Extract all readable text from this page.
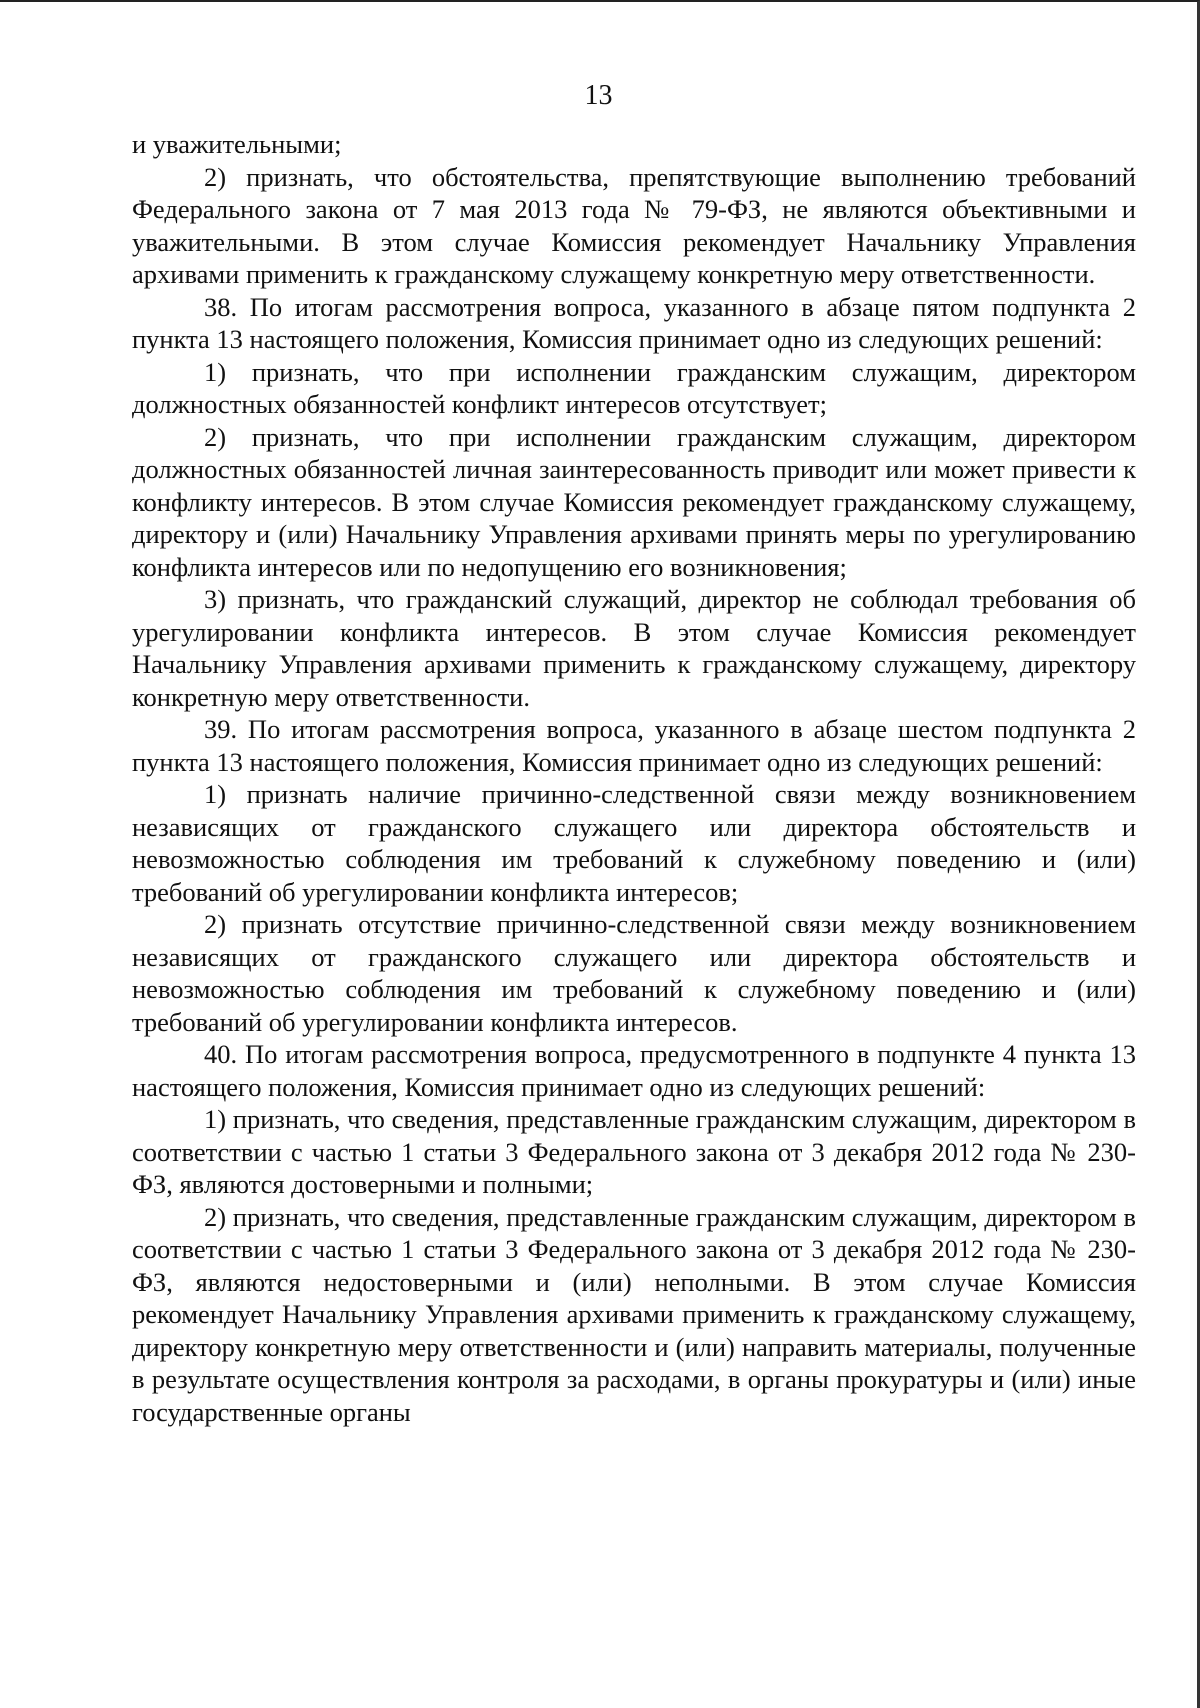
13

и уважительными;

2) признать, что обстоятельства, препятствующие выполнению требований Федерального закона от 7 мая 2013 года № 79-ФЗ, не являются объективными и уважительными. В этом случае Комиссия рекомендует Начальнику Управления архивами применить к гражданскому служащему конкретную меру ответственности.

38. По итогам рассмотрения вопроса, указанного в абзаце пятом подпункта 2 пункта 13 настоящего положения, Комиссия принимает одно из следующих решений:

1) признать, что при исполнении гражданским служащим, директором должностных обязанностей конфликт интересов отсутствует;

2) признать, что при исполнении гражданским служащим, директором должностных обязанностей личная заинтересованность приводит или может привести к конфликту интересов. В этом случае Комиссия рекомендует гражданскому служащему, директору и (или) Начальнику Управления архивами принять меры по урегулированию конфликта интересов или по недопущению его возникновения;

3) признать, что гражданский служащий, директор не соблюдал требования об урегулировании конфликта интересов. В этом случае Комиссия рекомендует Начальнику Управления архивами применить к гражданскому служащему, директору конкретную меру ответственности.

39. По итогам рассмотрения вопроса, указанного в абзаце шестом подпункта 2 пункта 13 настоящего положения, Комиссия принимает одно из следующих решений:

1) признать наличие причинно-следственной связи между возникновением независящих от гражданского служащего или директора обстоятельств и невозможностью соблюдения им требований к служебному поведению и (или) требований об урегулировании конфликта интересов;

2) признать отсутствие причинно-следственной связи между возникновением независящих от гражданского служащего или директора обстоятельств и невозможностью соблюдения им требований к служебному поведению и (или) требований об урегулировании конфликта интересов.

40. По итогам рассмотрения вопроса, предусмотренного в подпункте 4 пункта 13 настоящего положения, Комиссия принимает одно из следующих решений:

1) признать, что сведения, представленные гражданским служащим, директором в соответствии с частью 1 статьи 3 Федерального закона от 3 декабря 2012 года № 230-ФЗ, являются достоверными и полными;

2) признать, что сведения, представленные гражданским служащим, директором в соответствии с частью 1 статьи 3 Федерального закона от 3 декабря 2012 года № 230-ФЗ, являются недостоверными и (или) неполными. В этом случае Комиссия рекомендует Начальнику Управления архивами применить к гражданскому служащему, директору конкретную меру ответственности и (или) направить материалы, полученные в результате осуществления контроля за расходами, в органы прокуратуры и (или) иные государственные органы
